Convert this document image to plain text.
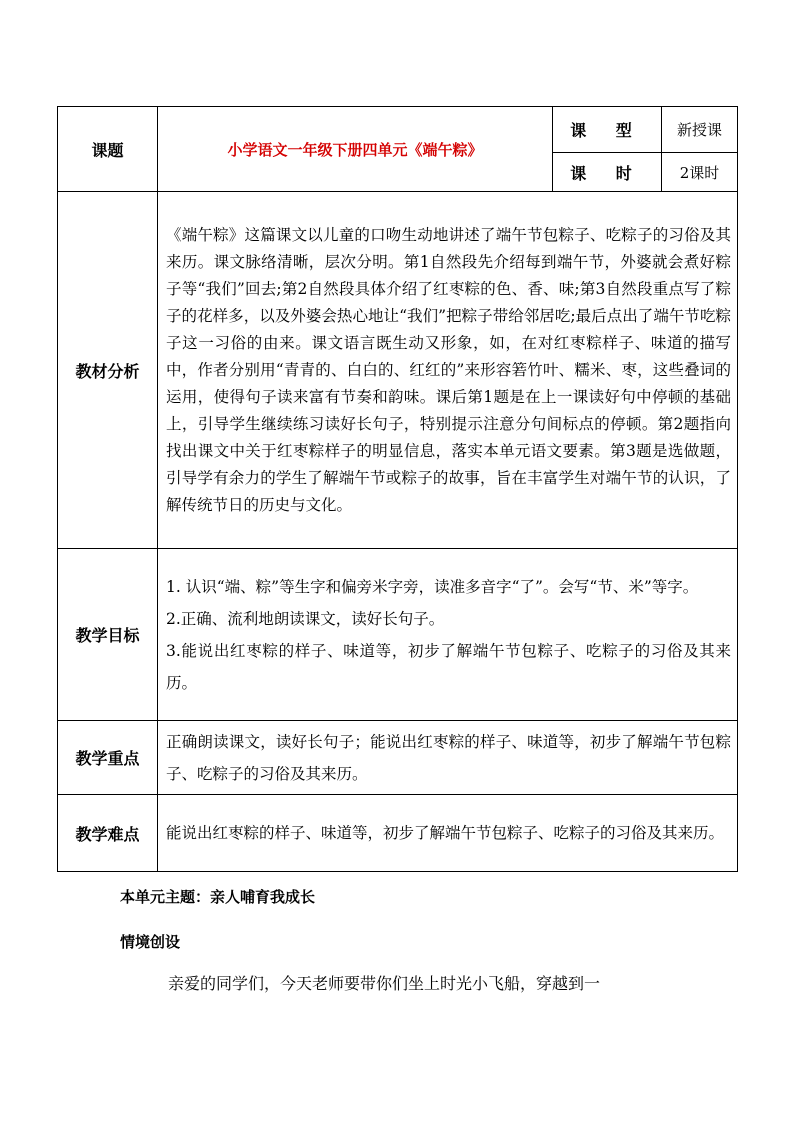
课题	小学语文一年级下册四单元《端午粽》	课 型	新授课
		课 时	2课时
教材分析	《端午粽》这篇课文以儿童的口吻生动地讲述了端午节包粽子、吃粽子的习俗及其来历。课文脉络清晰，层次分明。第1自然段先介绍每到端午节，外婆就会煮好粽子等“我们”回去;第2自然段具体介绍了红枣粽的色、香、味;第3自然段重点写了粽子的花样多，以及外婆会热心地让“我们”把粽子带给邻居吃;最后点出了端午节吃粽子这一习俗的由来。课文语言既生动又形象，如，在对红枣粽样子、味道的描写中，作者分别用“青青的、白白的、红红的”来形容箬竹叶、糯米、枣，这些叠词的运用，使得句子读来富有节奏和韵味。课后第1题是在上一课读好句中停顿的基础上，引导学生继续练习读好长句子，特别提示注意分句间标点的停顿。第2题指向找出课文中关于红枣粽样子的明显信息，落实本单元语文要素。第3题是选做题，引导学有余力的学生了解端午节或粽子的故事，旨在丰富学生对端午节的认识，了解传统节日的历史与文化。		

教学目标	1. 认识“端、粽”等生字和偏旁米字旁，读准多音字“了”。会写“节、米”等字。

2.正确、流利地朗读课文，读好长句子。

3.能说出红枣粽的样子、味道等，初步了解端午节包粽子、吃粽子的习俗及其来历。		

教学重点	正确朗读课文，读好长句子；能说出红枣粽的样子、味道等，初步了解端午节包粽子、吃粽子的习俗及其来历。		

教学难点	能说出红枣粽的样子、味道等，初步了解端午节包粽子、吃粽子的习俗及其来历。		

本单元主题：亲人哺育我成长
情境创设
亲爱的同学们，今天老师要带你们坐上时光小飞船，穿越到一
